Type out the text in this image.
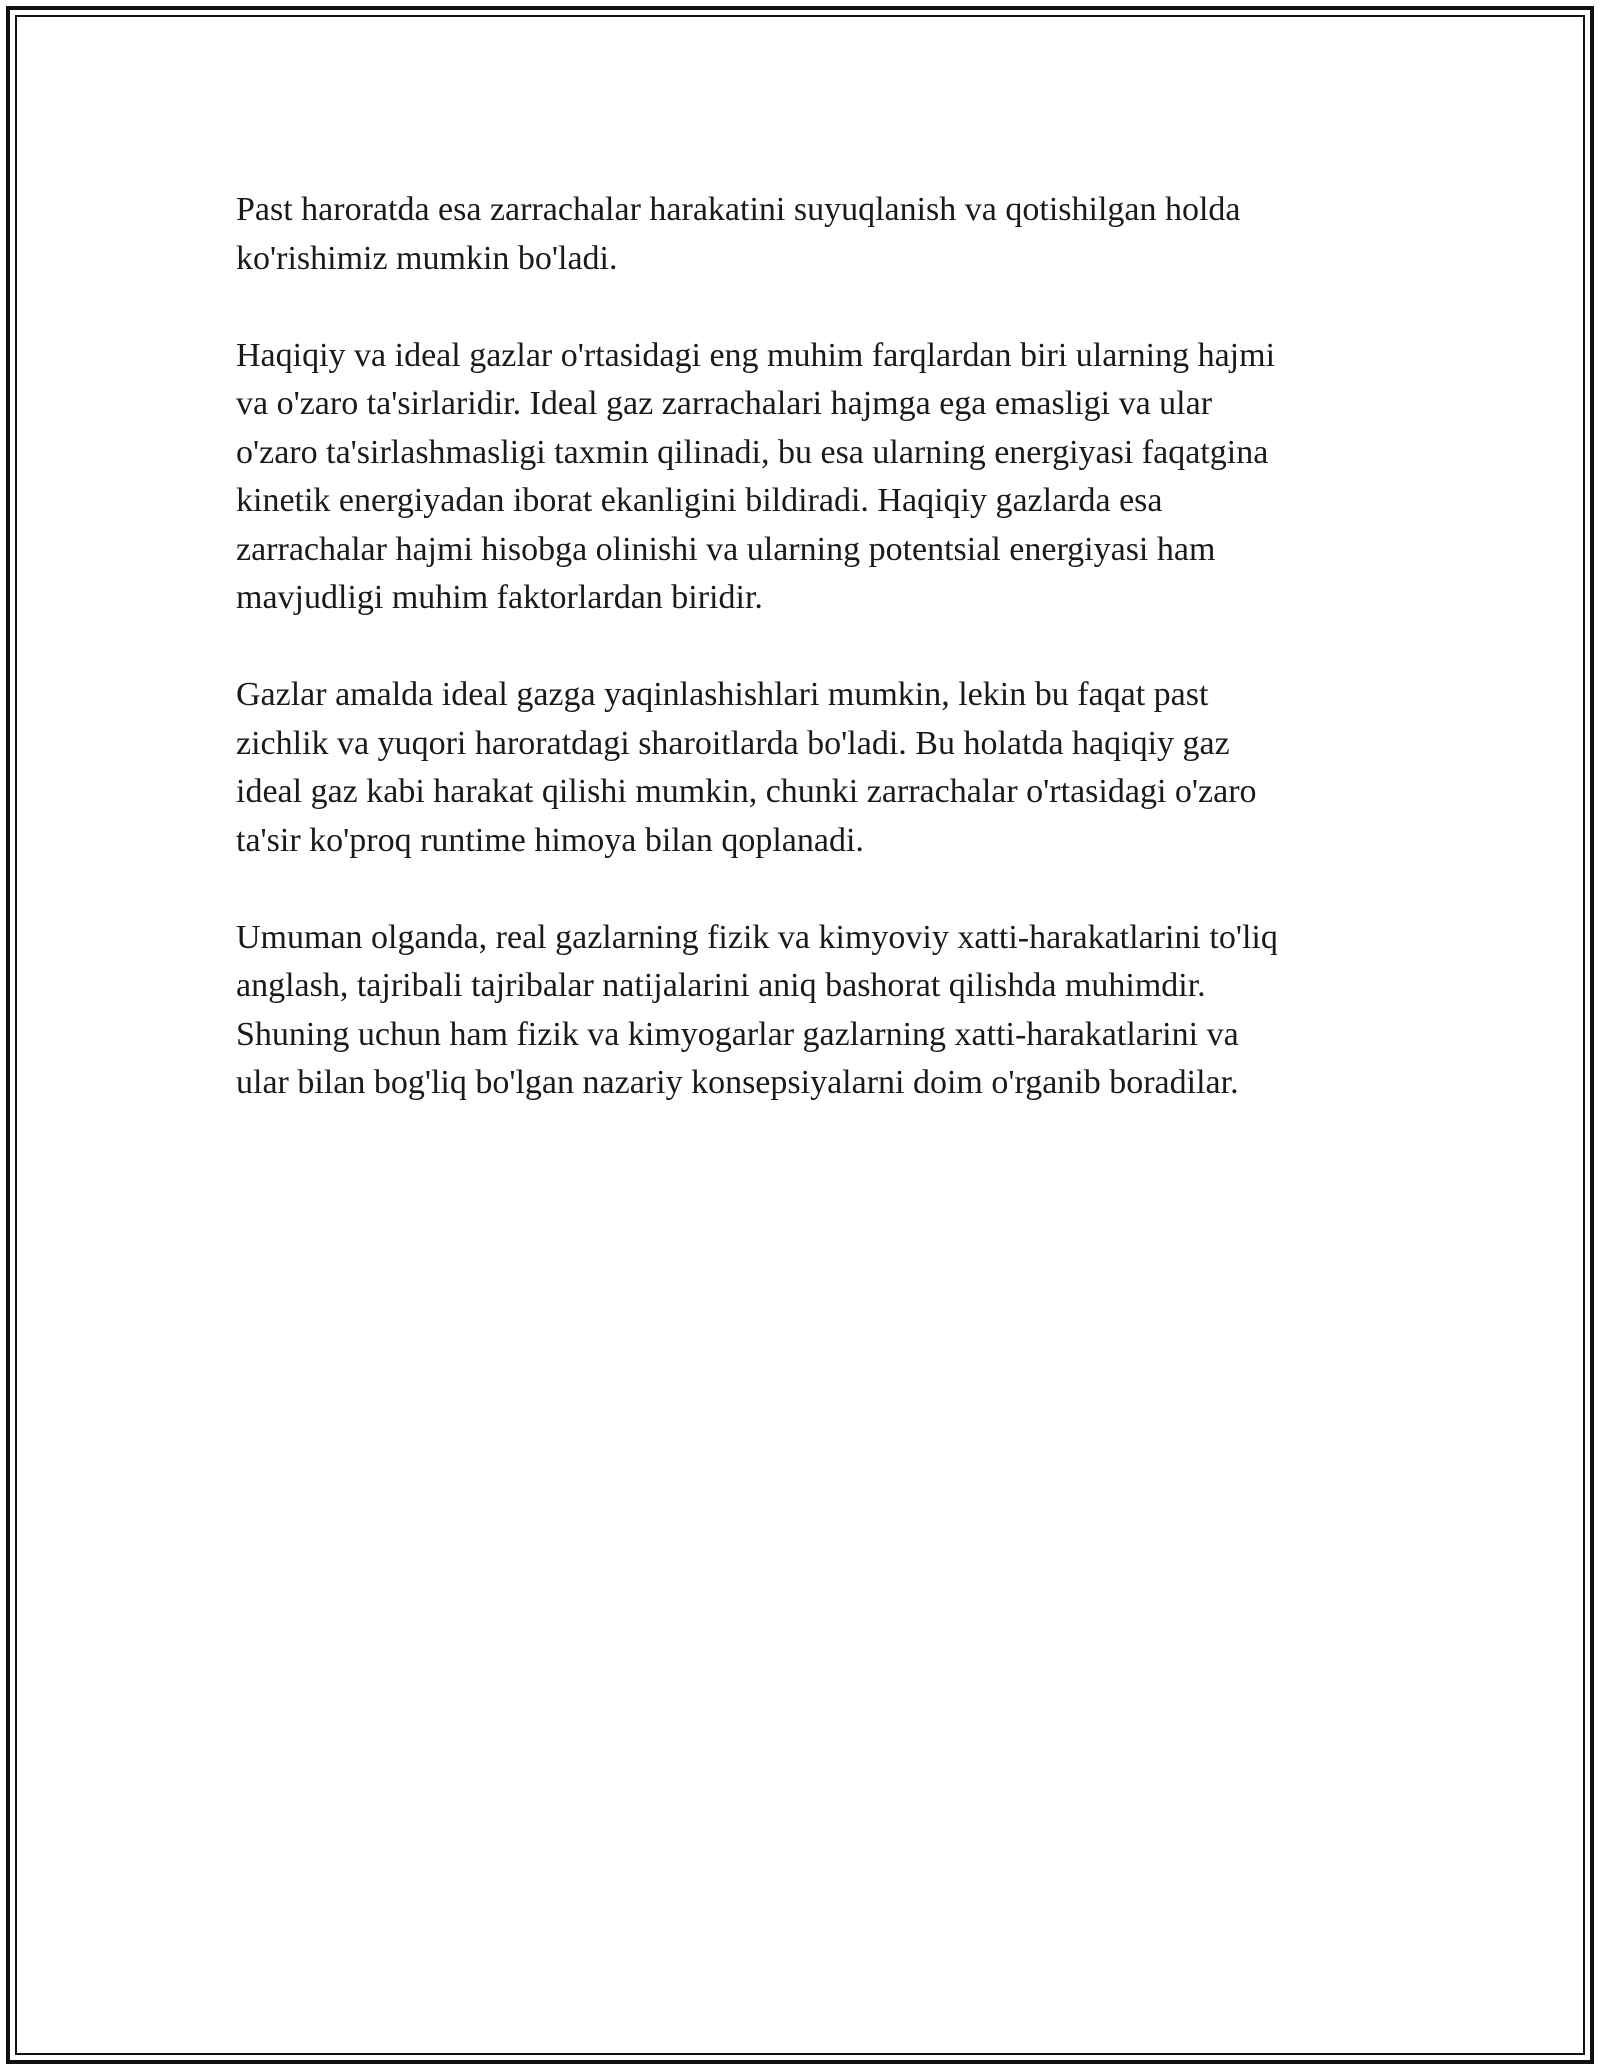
Past haroratda esa zarrachalar harakatini suyuqlanish va qotishilgan holda
ko'rishimiz mumkin bo'ladi.

Haqiqiy va ideal gazlar o'rtasidagi eng muhim farqlardan biri ularning hajmi
va o'zaro ta'sirlaridir. Ideal gaz zarrachalari hajmga ega emasligi va ular
o'zaro ta'sirlashmasligi taxmin qilinadi, bu esa ularning energiyasi faqatgina
kinetik energiyadan iborat ekanligini bildiradi. Haqiqiy gazlarda esa
zarrachalar hajmi hisobga olinishi va ularning potentsial energiyasi ham
mavjudligi muhim faktorlardan biridir.

Gazlar amalda ideal gazga yaqinlashishlari mumkin, lekin bu faqat past
zichlik va yuqori haroratdagi sharoitlarda bo'ladi. Bu holatda haqiqiy gaz
ideal gaz kabi harakat qilishi mumkin, chunki zarrachalar o'rtasidagi o'zaro
ta'sir ko'proq runtime himoya bilan qoplanadi.

Umuman olganda, real gazlarning fizik va kimyoviy xatti-harakatlarini to'liq
anglash, tajribali tajribalar natijalarini aniq bashorat qilishda muhimdir.
Shuning uchun ham fizik va kimyogarlar gazlarning xatti-harakatlarini va
ular bilan bog'liq bo'lgan nazariy konsepsiyalarni doim o'rganib boradilar.
